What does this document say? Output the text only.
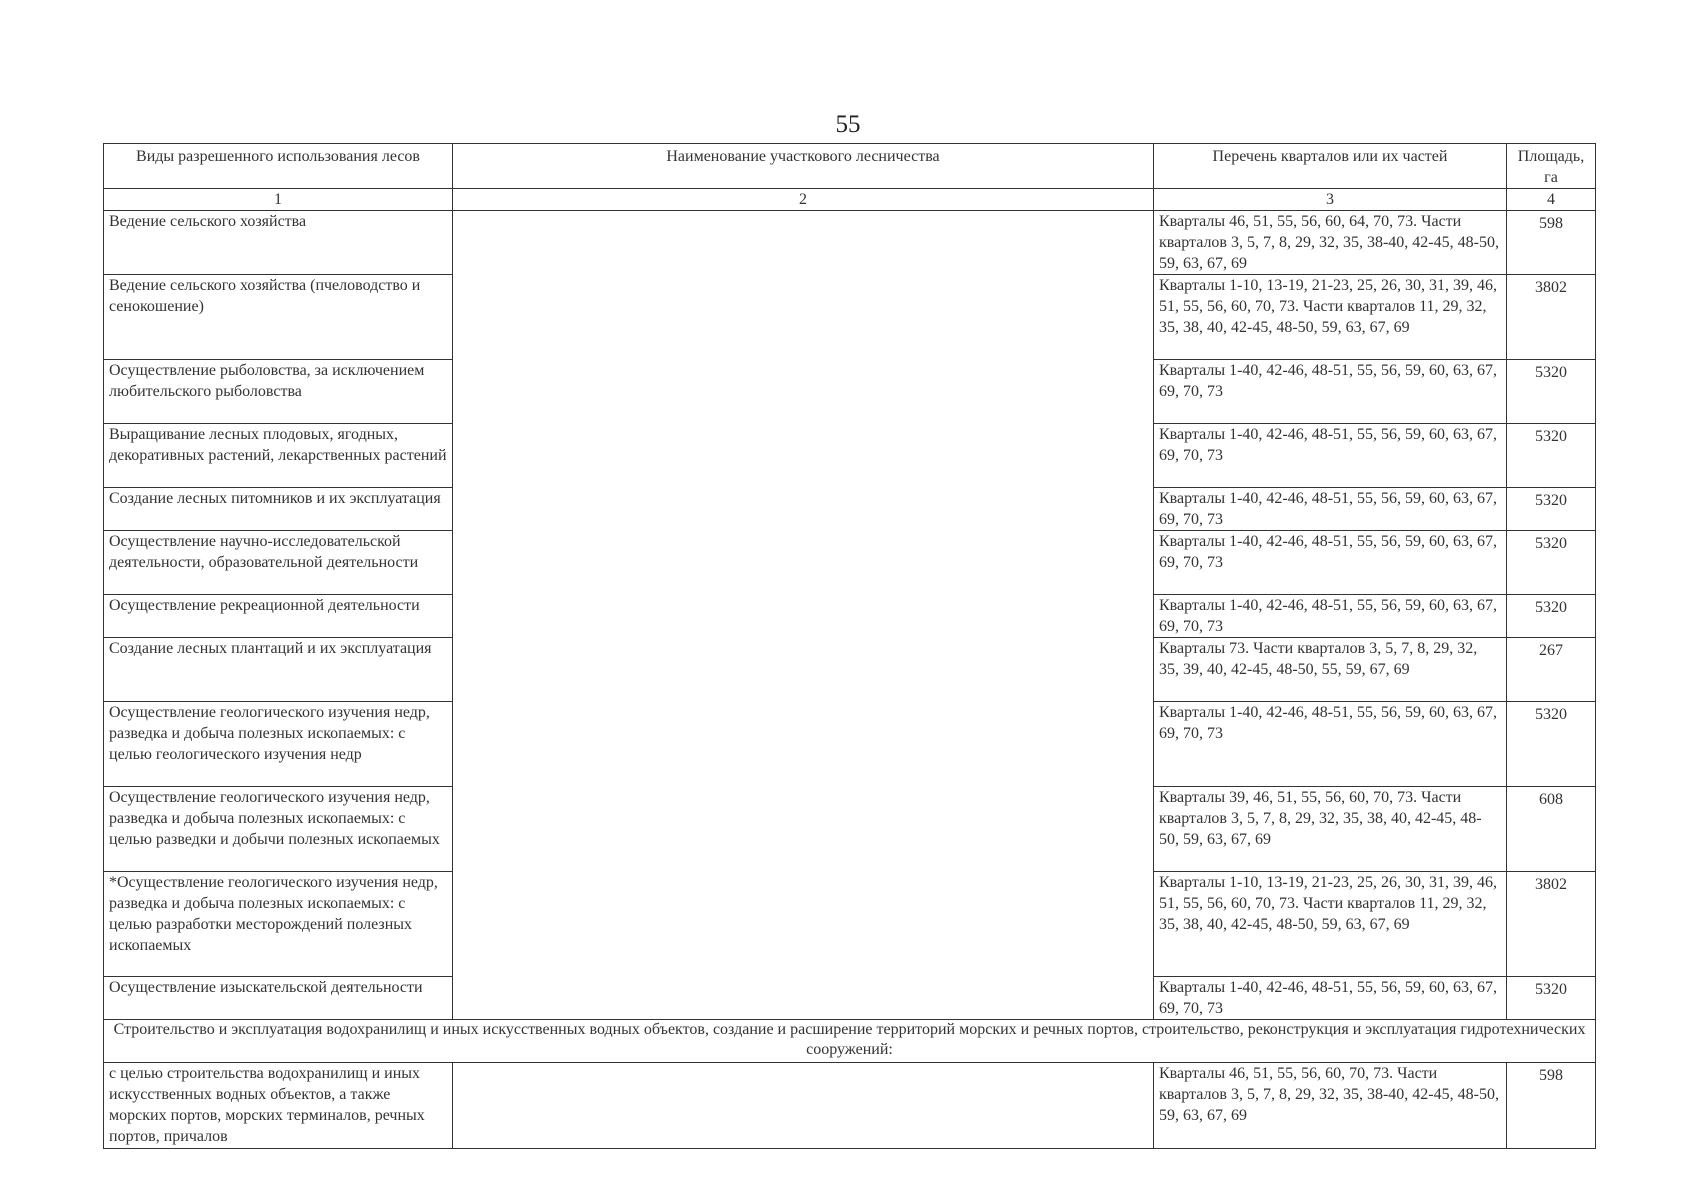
55
Виды разрешенного использования лесов	Наименование участкового лесничества	Перечень кварталов или их частей	Площадь, га
1	2	3	4
Ведение сельского хозяйства		Кварталы 46, 51, 55, 56, 60, 64, 70, 73. Части кварталов 3, 5, 7, 8, 29, 32, 35, 38-40, 42-45, 48-50, 59, 63, 67, 69	598
Ведение сельского хозяйства (пчеловодство и сенокошение)		Кварталы 1-10, 13-19, 21-23, 25, 26, 30, 31, 39, 46, 51, 55, 56, 60, 70, 73. Части кварталов 11, 29, 32, 35, 38, 40, 42-45, 48-50, 59, 63, 67, 69	3802
Осуществление рыболовства, за исключением любительского рыболовства		Кварталы 1-40, 42-46, 48-51, 55, 56, 59, 60, 63, 67, 69, 70, 73	5320
Выращивание лесных плодовых, ягодных, декоративных растений, лекарственных растений		Кварталы 1-40, 42-46, 48-51, 55, 56, 59, 60, 63, 67, 69, 70, 73	5320
Создание лесных питомников и их эксплуатация		Кварталы 1-40, 42-46, 48-51, 55, 56, 59, 60, 63, 67, 69, 70, 73	5320
Осуществление научно-исследовательской деятельности, образовательной деятельности		Кварталы 1-40, 42-46, 48-51, 55, 56, 59, 60, 63, 67, 69, 70, 73	5320
Осуществление рекреационной деятельности		Кварталы 1-40, 42-46, 48-51, 55, 56, 59, 60, 63, 67, 69, 70, 73	5320
Создание лесных плантаций и их эксплуатация		Кварталы 73. Части кварталов 3, 5, 7, 8, 29, 32, 35, 39, 40, 42-45, 48-50, 55, 59, 67, 69	267
Осуществление геологического изучения недр, разведка и добыча полезных ископаемых: с целью геологического изучения недр		Кварталы 1-40, 42-46, 48-51, 55, 56, 59, 60, 63, 67, 69, 70, 73	5320
Осуществление геологического изучения недр, разведка и добыча полезных ископаемых: с целью разведки и добычи полезных ископаемых		Кварталы 39, 46, 51, 55, 56, 60, 70, 73. Части кварталов 3, 5, 7, 8, 29, 32, 35, 38, 40, 42-45, 48-50, 59, 63, 67, 69	608
*Осуществление геологического изучения недр, разведка и добыча полезных ископаемых: с целью разработки месторождений полезных ископаемых		Кварталы 1-10, 13-19, 21-23, 25, 26, 30, 31, 39, 46, 51, 55, 56, 60, 70, 73. Части кварталов 11, 29, 32, 35, 38, 40, 42-45, 48-50, 59, 63, 67, 69	3802
Осуществление изыскательской деятельности		Кварталы 1-40, 42-46, 48-51, 55, 56, 59, 60, 63, 67, 69, 70, 73	5320
Строительство и эксплуатация водохранилищ и иных искусственных водных объектов, создание и расширение территорий морских и речных портов, строительство, реконструкция и эксплуатация гидротехнических сооружений:			
с целью строительства водохранилищ и иных искусственных водных объектов, а также морских портов, морских терминалов, речных портов, причалов		Кварталы 46, 51, 55, 56, 60, 70, 73. Части кварталов 3, 5, 7, 8, 29, 32, 35, 38-40, 42-45, 48-50, 59, 63, 67, 69	598
